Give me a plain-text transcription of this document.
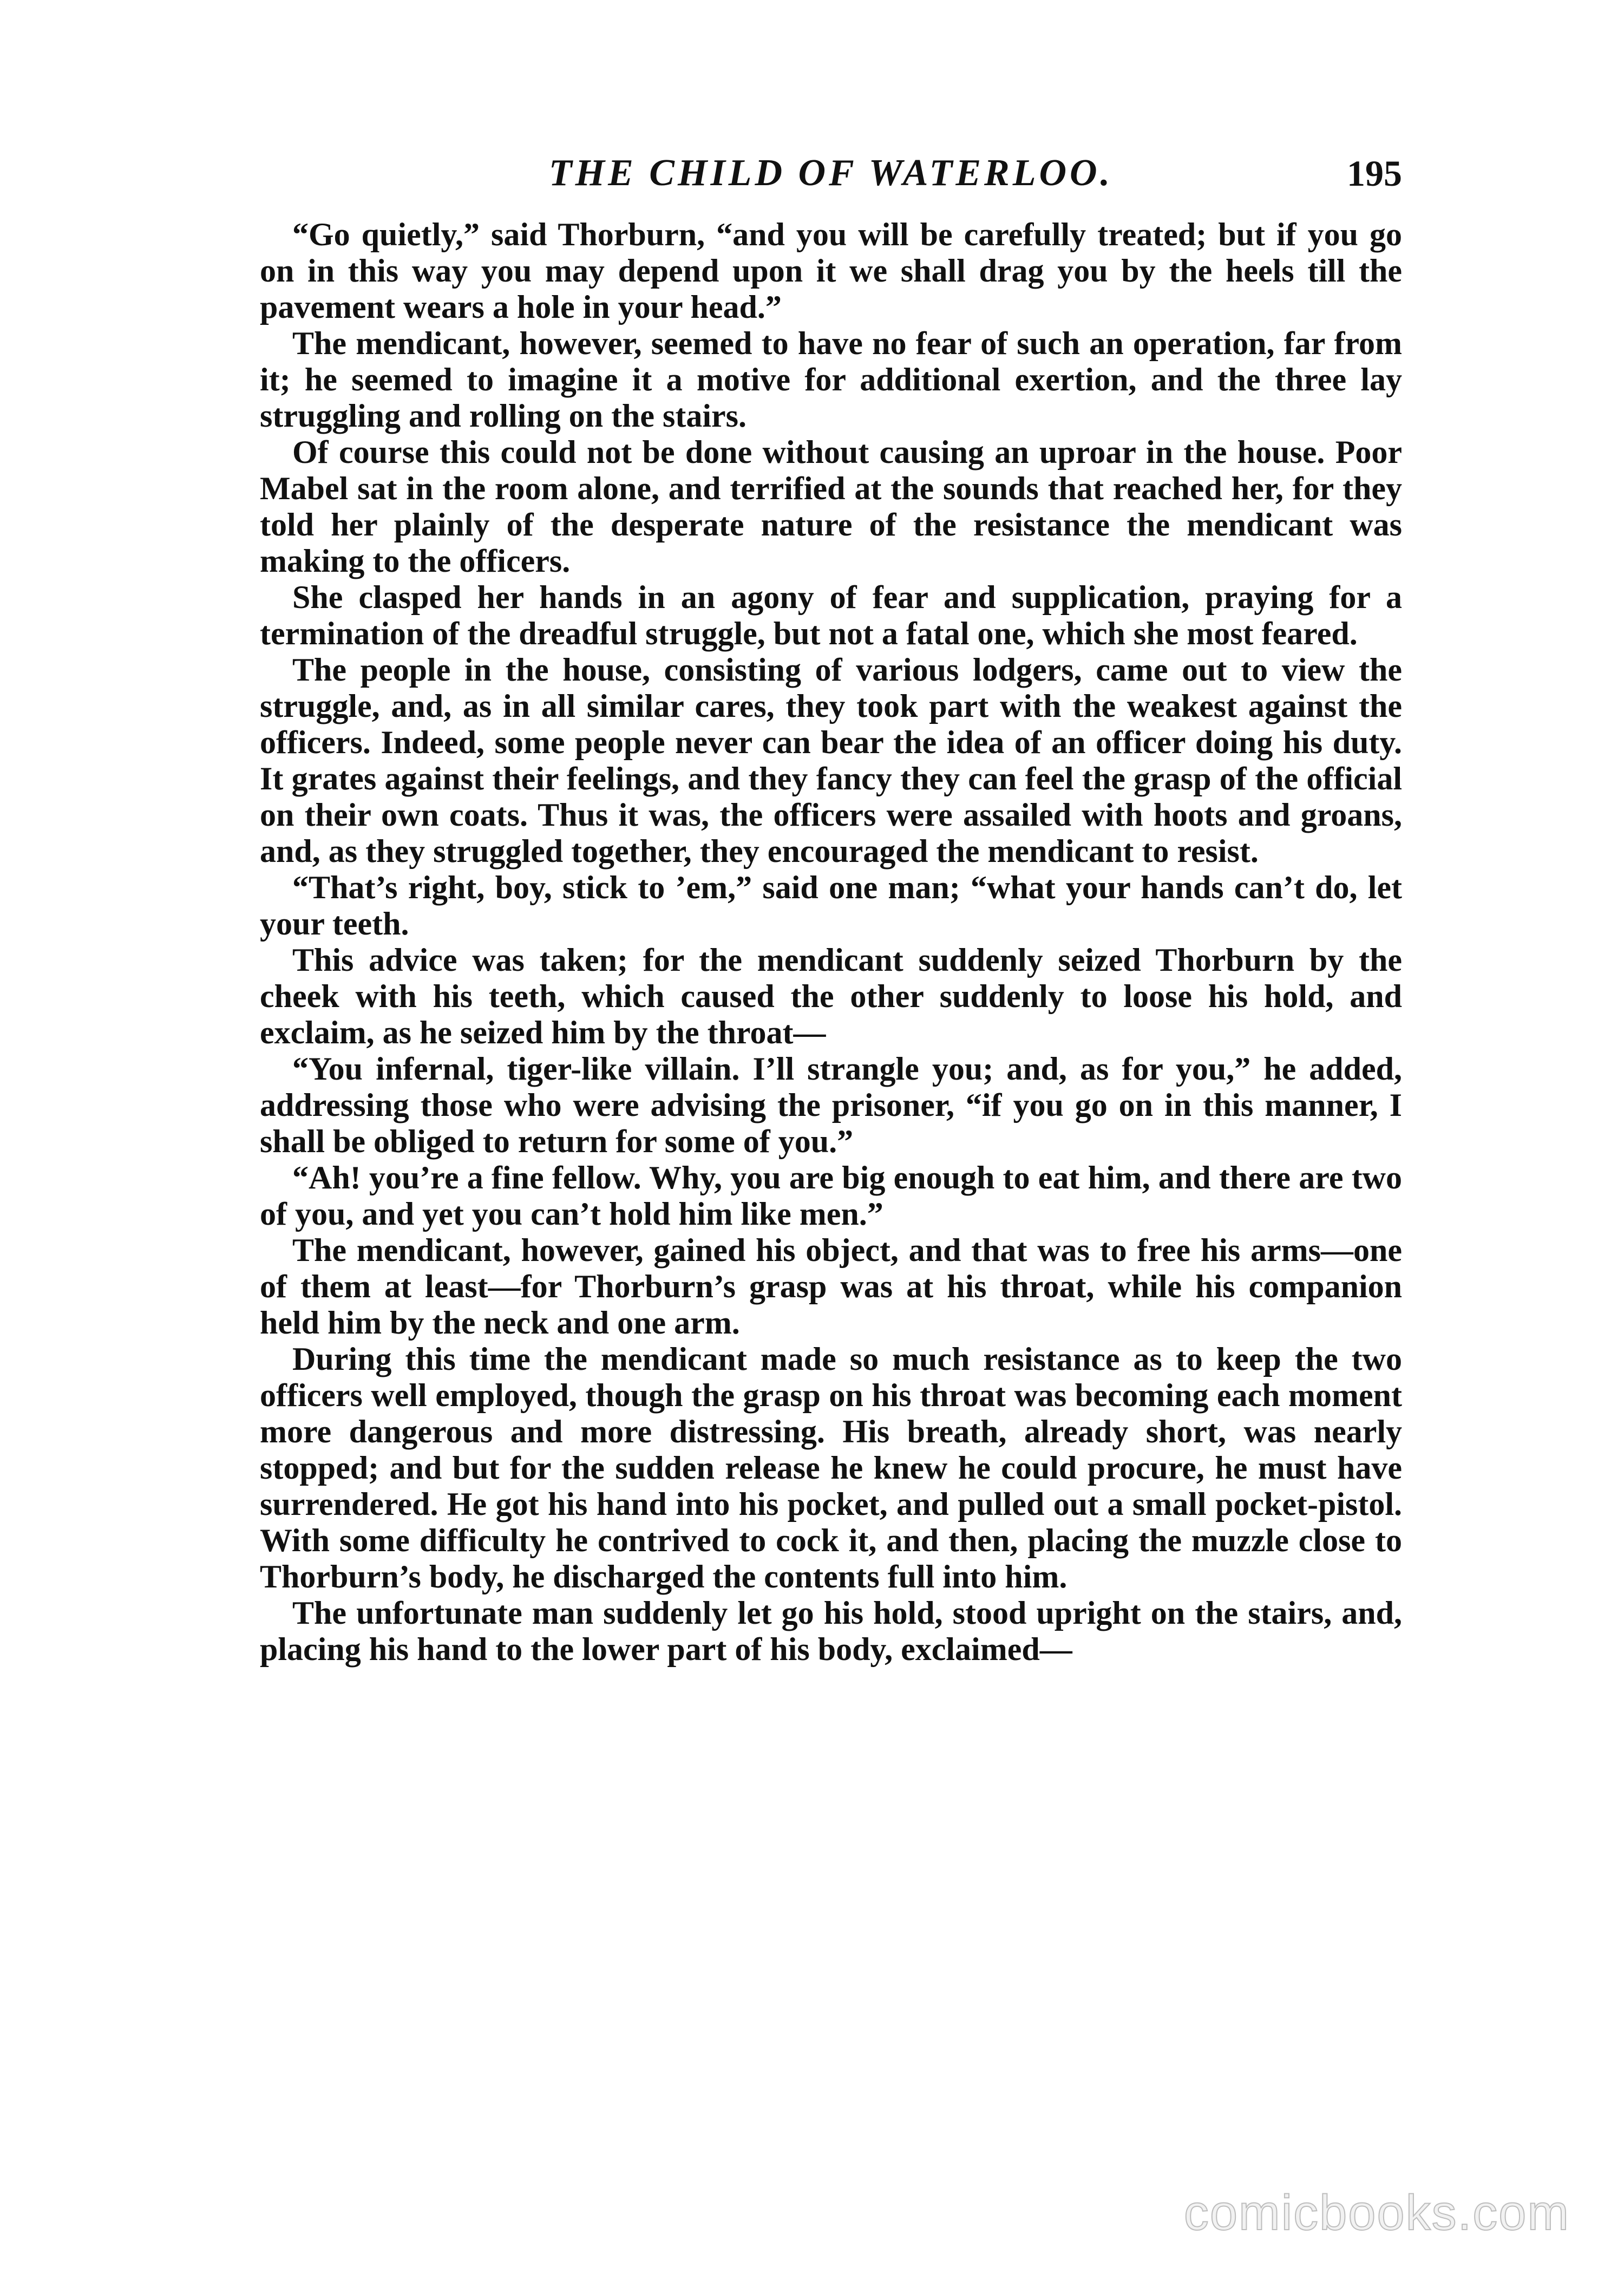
THE CHILD OF WATERLOO.	195

“Go quietly,” said Thorburn, “and you will be carefully treated; but if you go on in this way you may depend upon it we shall drag you by the heels till the pavement wears a hole in your head.”

The mendicant, however, seemed to have no fear of such an operation, far from it; he seemed to imagine it a motive for additional exertion, and the three lay struggling and rolling on the stairs.

Of course this could not be done without causing an uproar in the house. Poor Mabel sat in the room alone, and terrified at the sounds that reached her, for they told her plainly of the desperate nature of the resistance the mendicant was making to the officers.

She clasped her hands in an agony of fear and supplication, praying for a termination of the dreadful struggle, but not a fatal one, which she most feared.

The people in the house, consisting of various lodgers, came out to view the struggle, and, as in all similar cares, they took part with the weakest against the officers. Indeed, some people never can bear the idea of an officer doing his duty. It grates against their feelings, and they fancy they can feel the grasp of the official on their own coats. Thus it was, the officers were assailed with hoots and groans, and, as they struggled together, they encouraged the mendicant to resist.

“That’s right, boy, stick to ’em,” said one man; “what your hands can’t do, let your teeth.

This advice was taken; for the mendicant suddenly seized Thorburn by the cheek with his teeth, which caused the other suddenly to loose his hold, and exclaim, as he seized him by the throat—

“You infernal, tiger-like villain. I’ll strangle you; and, as for you,” he added, addressing those who were advising the prisoner, “if you go on in this manner, I shall be obliged to return for some of you.”

“Ah! you’re a fine fellow. Why, you are big enough to eat him, and there are two of you, and yet you can’t hold him like men.”

The mendicant, however, gained his object, and that was to free his arms—one of them at least—for Thorburn’s grasp was at his throat, while his companion held him by the neck and one arm.

During this time the mendicant made so much resistance as to keep the two officers well employed, though the grasp on his throat was becoming each moment more dangerous and more distressing. His breath, already short, was nearly stopped; and but for the sudden release he knew he could procure, he must have surrendered. He got his hand into his pocket, and pulled out a small pocket-pistol. With some difficulty he contrived to cock it, and then, placing the muzzle close to Thorburn’s body, he discharged the contents full into him.

The unfortunate man suddenly let go his hold, stood upright on the stairs, and, placing his hand to the lower part of his body, exclaimed—

comicbooks.com
